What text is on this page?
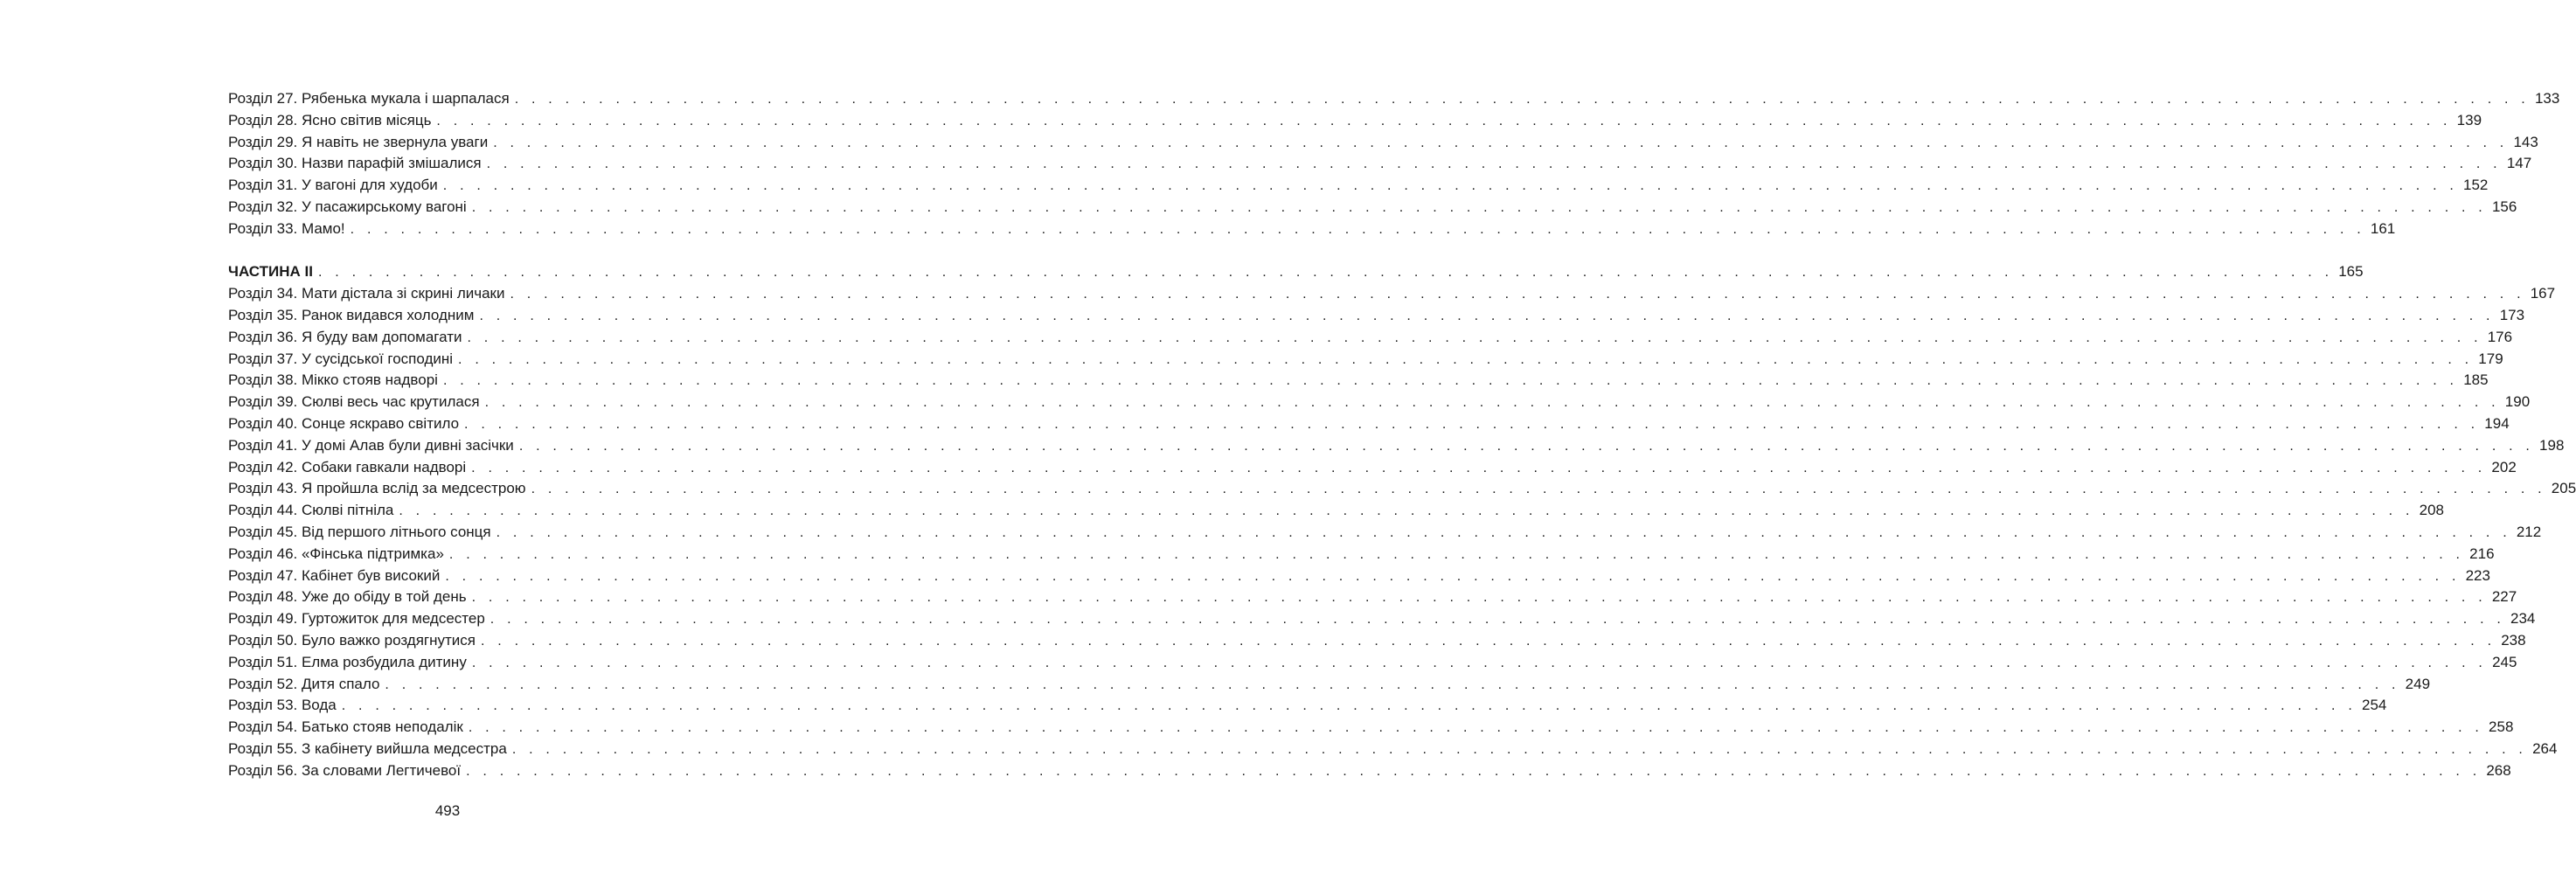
Розділ 27. Рябенька мукала і шарпалася . . . . . . . . . . . . . . . . . . . . . . . . . . . . . . . . . . . . . . . . . . . . . . . . . . . . . . . . . . . . . . . . . . . . . . . . . . . . . . . . . . . . . . . . . . . . . . . . . . . . . . . . . . . . . . . . . . . . . . . . 133
Розділ 28. Ясно світив місяць . . . . . . . . . . . . . . . . . . . . . . . . . . . . . . . . . . . . . . . . . . . . . . . . . . . . . . . . . . . . . . . . . . . . . . . . . . . . . . . . . . . . . . . . . . . . . . . . . . . . . . . . . . . . . . . . . . . . . . . . 139
Розділ 29. Я навіть не звернула уваги . . . . . . . . . . . . . . . . . . . . . . . . . . . . . . . . . . . . . . . . . . . . . . . . . . . . . . . . . . . . . . . . . . . . . . . . . . . . . . . . . . . . . . . . . . . . . . . . . . . . . . . . . . . . . . . . . . . . . . . . 143
Розділ 30. Назви парафій змішалися . . . . . . . . . . . . . . . . . . . . . . . . . . . . . . . . . . . . . . . . . . . . . . . . . . . . . . . . . . . . . . . . . . . . . . . . . . . . . . . . . . . . . . . . . . . . . . . . . . . . . . . . . . . . . . . . . . . . . . . . 147
Розділ 31. У вагоні для худоби . . . . . . . . . . . . . . . . . . . . . . . . . . . . . . . . . . . . . . . . . . . . . . . . . . . . . . . . . . . . . . . . . . . . . . . . . . . . . . . . . . . . . . . . . . . . . . . . . . . . . . . . . . . . . . . . . . . . . . . . 152
Розділ 32. У пасажирському вагоні . . . . . . . . . . . . . . . . . . . . . . . . . . . . . . . . . . . . . . . . . . . . . . . . . . . . . . . . . . . . . . . . . . . . . . . . . . . . . . . . . . . . . . . . . . . . . . . . . . . . . . . . . . . . . . . . . . . . . . . . 156
Розділ 33. Мамо! . . . . . . . . . . . . . . . . . . . . . . . . . . . . . . . . . . . . . . . . . . . . . . . . . . . . . . . . . . . . . . . . . . . . . . . . . . . . . . . . . . . . . . . . . . . . . . . . . . . . . . . . . . . . . . . . . . . . . . . . 161
ЧАСТИНА ІІ . . . . . . . . . . . . . . . . . . . . . . . . . . . . . . . . . . . . . . . . . . . . . . . . . . . . . . . . . . . . . . . . . . . . . . . . . . . . . . . . . . . . . . . . . . . . . . . . . . . . . . . . . . . . . . . . . . . . . . . . 165
Розділ 34. Мати дістала зі скрині личаки . . . . . . . . . . . . . . . . . . . . . . . . . . . . . . . . . . . . . . . . . . . . . . . . . . . . . . . . . . . . . . . . . . . . . . . . . . . . . . . . . . . . . . . . . . . . . . . . . . . . . . . . . . . . . . . . . . . . . . . . 167
Розділ 35. Ранок видався холодним . . . . . . . . . . . . . . . . . . . . . . . . . . . . . . . . . . . . . . . . . . . . . . . . . . . . . . . . . . . . . . . . . . . . . . . . . . . . . . . . . . . . . . . . . . . . . . . . . . . . . . . . . . . . . . . . . . . . . . . . 173
Розділ 36. Я буду вам допомагати . . . . . . . . . . . . . . . . . . . . . . . . . . . . . . . . . . . . . . . . . . . . . . . . . . . . . . . . . . . . . . . . . . . . . . . . . . . . . . . . . . . . . . . . . . . . . . . . . . . . . . . . . . . . . . . . . . . . . . . . 176
Розділ 37. У сусідської господині . . . . . . . . . . . . . . . . . . . . . . . . . . . . . . . . . . . . . . . . . . . . . . . . . . . . . . . . . . . . . . . . . . . . . . . . . . . . . . . . . . . . . . . . . . . . . . . . . . . . . . . . . . . . . . . . . . . . . . . . 179
Розділ 38. Мікко стояв надворі . . . . . . . . . . . . . . . . . . . . . . . . . . . . . . . . . . . . . . . . . . . . . . . . . . . . . . . . . . . . . . . . . . . . . . . . . . . . . . . . . . . . . . . . . . . . . . . . . . . . . . . . . . . . . . . . . . . . . . . . 185
Розділ 39. Сюлві весь час крутилася . . . . . . . . . . . . . . . . . . . . . . . . . . . . . . . . . . . . . . . . . . . . . . . . . . . . . . . . . . . . . . . . . . . . . . . . . . . . . . . . . . . . . . . . . . . . . . . . . . . . . . . . . . . . . . . . . . . . . . . . 190
Розділ 40. Сонце яскраво світило . . . . . . . . . . . . . . . . . . . . . . . . . . . . . . . . . . . . . . . . . . . . . . . . . . . . . . . . . . . . . . . . . . . . . . . . . . . . . . . . . . . . . . . . . . . . . . . . . . . . . . . . . . . . . . . . . . . . . . . . 194
Розділ 41. У домі Алав були дивні засічки . . . . . . . . . . . . . . . . . . . . . . . . . . . . . . . . . . . . . . . . . . . . . . . . . . . . . . . . . . . . . . . . . . . . . . . . . . . . . . . . . . . . . . . . . . . . . . . . . . . . . . . . . . . . . . . . . . . . . . . . 198
Розділ 42. Собаки гавкали надворі . . . . . . . . . . . . . . . . . . . . . . . . . . . . . . . . . . . . . . . . . . . . . . . . . . . . . . . . . . . . . . . . . . . . . . . . . . . . . . . . . . . . . . . . . . . . . . . . . . . . . . . . . . . . . . . . . . . . . . . . 202
Розділ 43. Я пройшла вслід за медсестрою . . . . . . . . . . . . . . . . . . . . . . . . . . . . . . . . . . . . . . . . . . . . . . . . . . . . . . . . . . . . . . . . . . . . . . . . . . . . . . . . . . . . . . . . . . . . . . . . . . . . . . . . . . . . . . . . . . . . . . . . 205
Розділ 44. Сюлві пітніла . . . . . . . . . . . . . . . . . . . . . . . . . . . . . . . . . . . . . . . . . . . . . . . . . . . . . . . . . . . . . . . . . . . . . . . . . . . . . . . . . . . . . . . . . . . . . . . . . . . . . . . . . . . . . . . . . . . . . . . . 208
Розділ 45. Від першого літнього сонця . . . . . . . . . . . . . . . . . . . . . . . . . . . . . . . . . . . . . . . . . . . . . . . . . . . . . . . . . . . . . . . . . . . . . . . . . . . . . . . . . . . . . . . . . . . . . . . . . . . . . . . . . . . . . . . . . . . . . . . . 212
Розділ 46. «Фінська підтримка» . . . . . . . . . . . . . . . . . . . . . . . . . . . . . . . . . . . . . . . . . . . . . . . . . . . . . . . . . . . . . . . . . . . . . . . . . . . . . . . . . . . . . . . . . . . . . . . . . . . . . . . . . . . . . . . . . . . . . . . . 216
Розділ 47. Кабінет був високий . . . . . . . . . . . . . . . . . . . . . . . . . . . . . . . . . . . . . . . . . . . . . . . . . . . . . . . . . . . . . . . . . . . . . . . . . . . . . . . . . . . . . . . . . . . . . . . . . . . . . . . . . . . . . . . . . . . . . . . . 223
Розділ 48. Уже до обіду в той день . . . . . . . . . . . . . . . . . . . . . . . . . . . . . . . . . . . . . . . . . . . . . . . . . . . . . . . . . . . . . . . . . . . . . . . . . . . . . . . . . . . . . . . . . . . . . . . . . . . . . . . . . . . . . . . . . . . . . . . . 227
Розділ 49. Гуртожиток для медсестер . . . . . . . . . . . . . . . . . . . . . . . . . . . . . . . . . . . . . . . . . . . . . . . . . . . . . . . . . . . . . . . . . . . . . . . . . . . . . . . . . . . . . . . . . . . . . . . . . . . . . . . . . . . . . . . . . . . . . . . . 234
Розділ 50. Було важко роздягнутися . . . . . . . . . . . . . . . . . . . . . . . . . . . . . . . . . . . . . . . . . . . . . . . . . . . . . . . . . . . . . . . . . . . . . . . . . . . . . . . . . . . . . . . . . . . . . . . . . . . . . . . . . . . . . . . . . . . . . . . . 238
Розділ 51. Елма розбудила дитину . . . . . . . . . . . . . . . . . . . . . . . . . . . . . . . . . . . . . . . . . . . . . . . . . . . . . . . . . . . . . . . . . . . . . . . . . . . . . . . . . . . . . . . . . . . . . . . . . . . . . . . . . . . . . . . . . . . . . . . . 245
Розділ 52. Дитя спало . . . . . . . . . . . . . . . . . . . . . . . . . . . . . . . . . . . . . . . . . . . . . . . . . . . . . . . . . . . . . . . . . . . . . . . . . . . . . . . . . . . . . . . . . . . . . . . . . . . . . . . . . . . . . . . . . . . . . . . . 249
Розділ 53. Вода . . . . . . . . . . . . . . . . . . . . . . . . . . . . . . . . . . . . . . . . . . . . . . . . . . . . . . . . . . . . . . . . . . . . . . . . . . . . . . . . . . . . . . . . . . . . . . . . . . . . . . . . . . . . . . . . . . . . . . . . 254
Розділ 54. Батько стояв неподалік . . . . . . . . . . . . . . . . . . . . . . . . . . . . . . . . . . . . . . . . . . . . . . . . . . . . . . . . . . . . . . . . . . . . . . . . . . . . . . . . . . . . . . . . . . . . . . . . . . . . . . . . . . . . . . . . . . . . . . . . 258
Розділ 55. З кабінету вийшла медсестра . . . . . . . . . . . . . . . . . . . . . . . . . . . . . . . . . . . . . . . . . . . . . . . . . . . . . . . . . . . . . . . . . . . . . . . . . . . . . . . . . . . . . . . . . . . . . . . . . . . . . . . . . . . . . . . . . . . . . . . . 264
Розділ 56. За словами Легтичевої . . . . . . . . . . . . . . . . . . . . . . . . . . . . . . . . . . . . . . . . . . . . . . . . . . . . . . . . . . . . . . . . . . . . . . . . . . . . . . . . . . . . . . . . . . . . . . . . . . . . . . . . . . . . . . . . . . . . . . . . 268
493
